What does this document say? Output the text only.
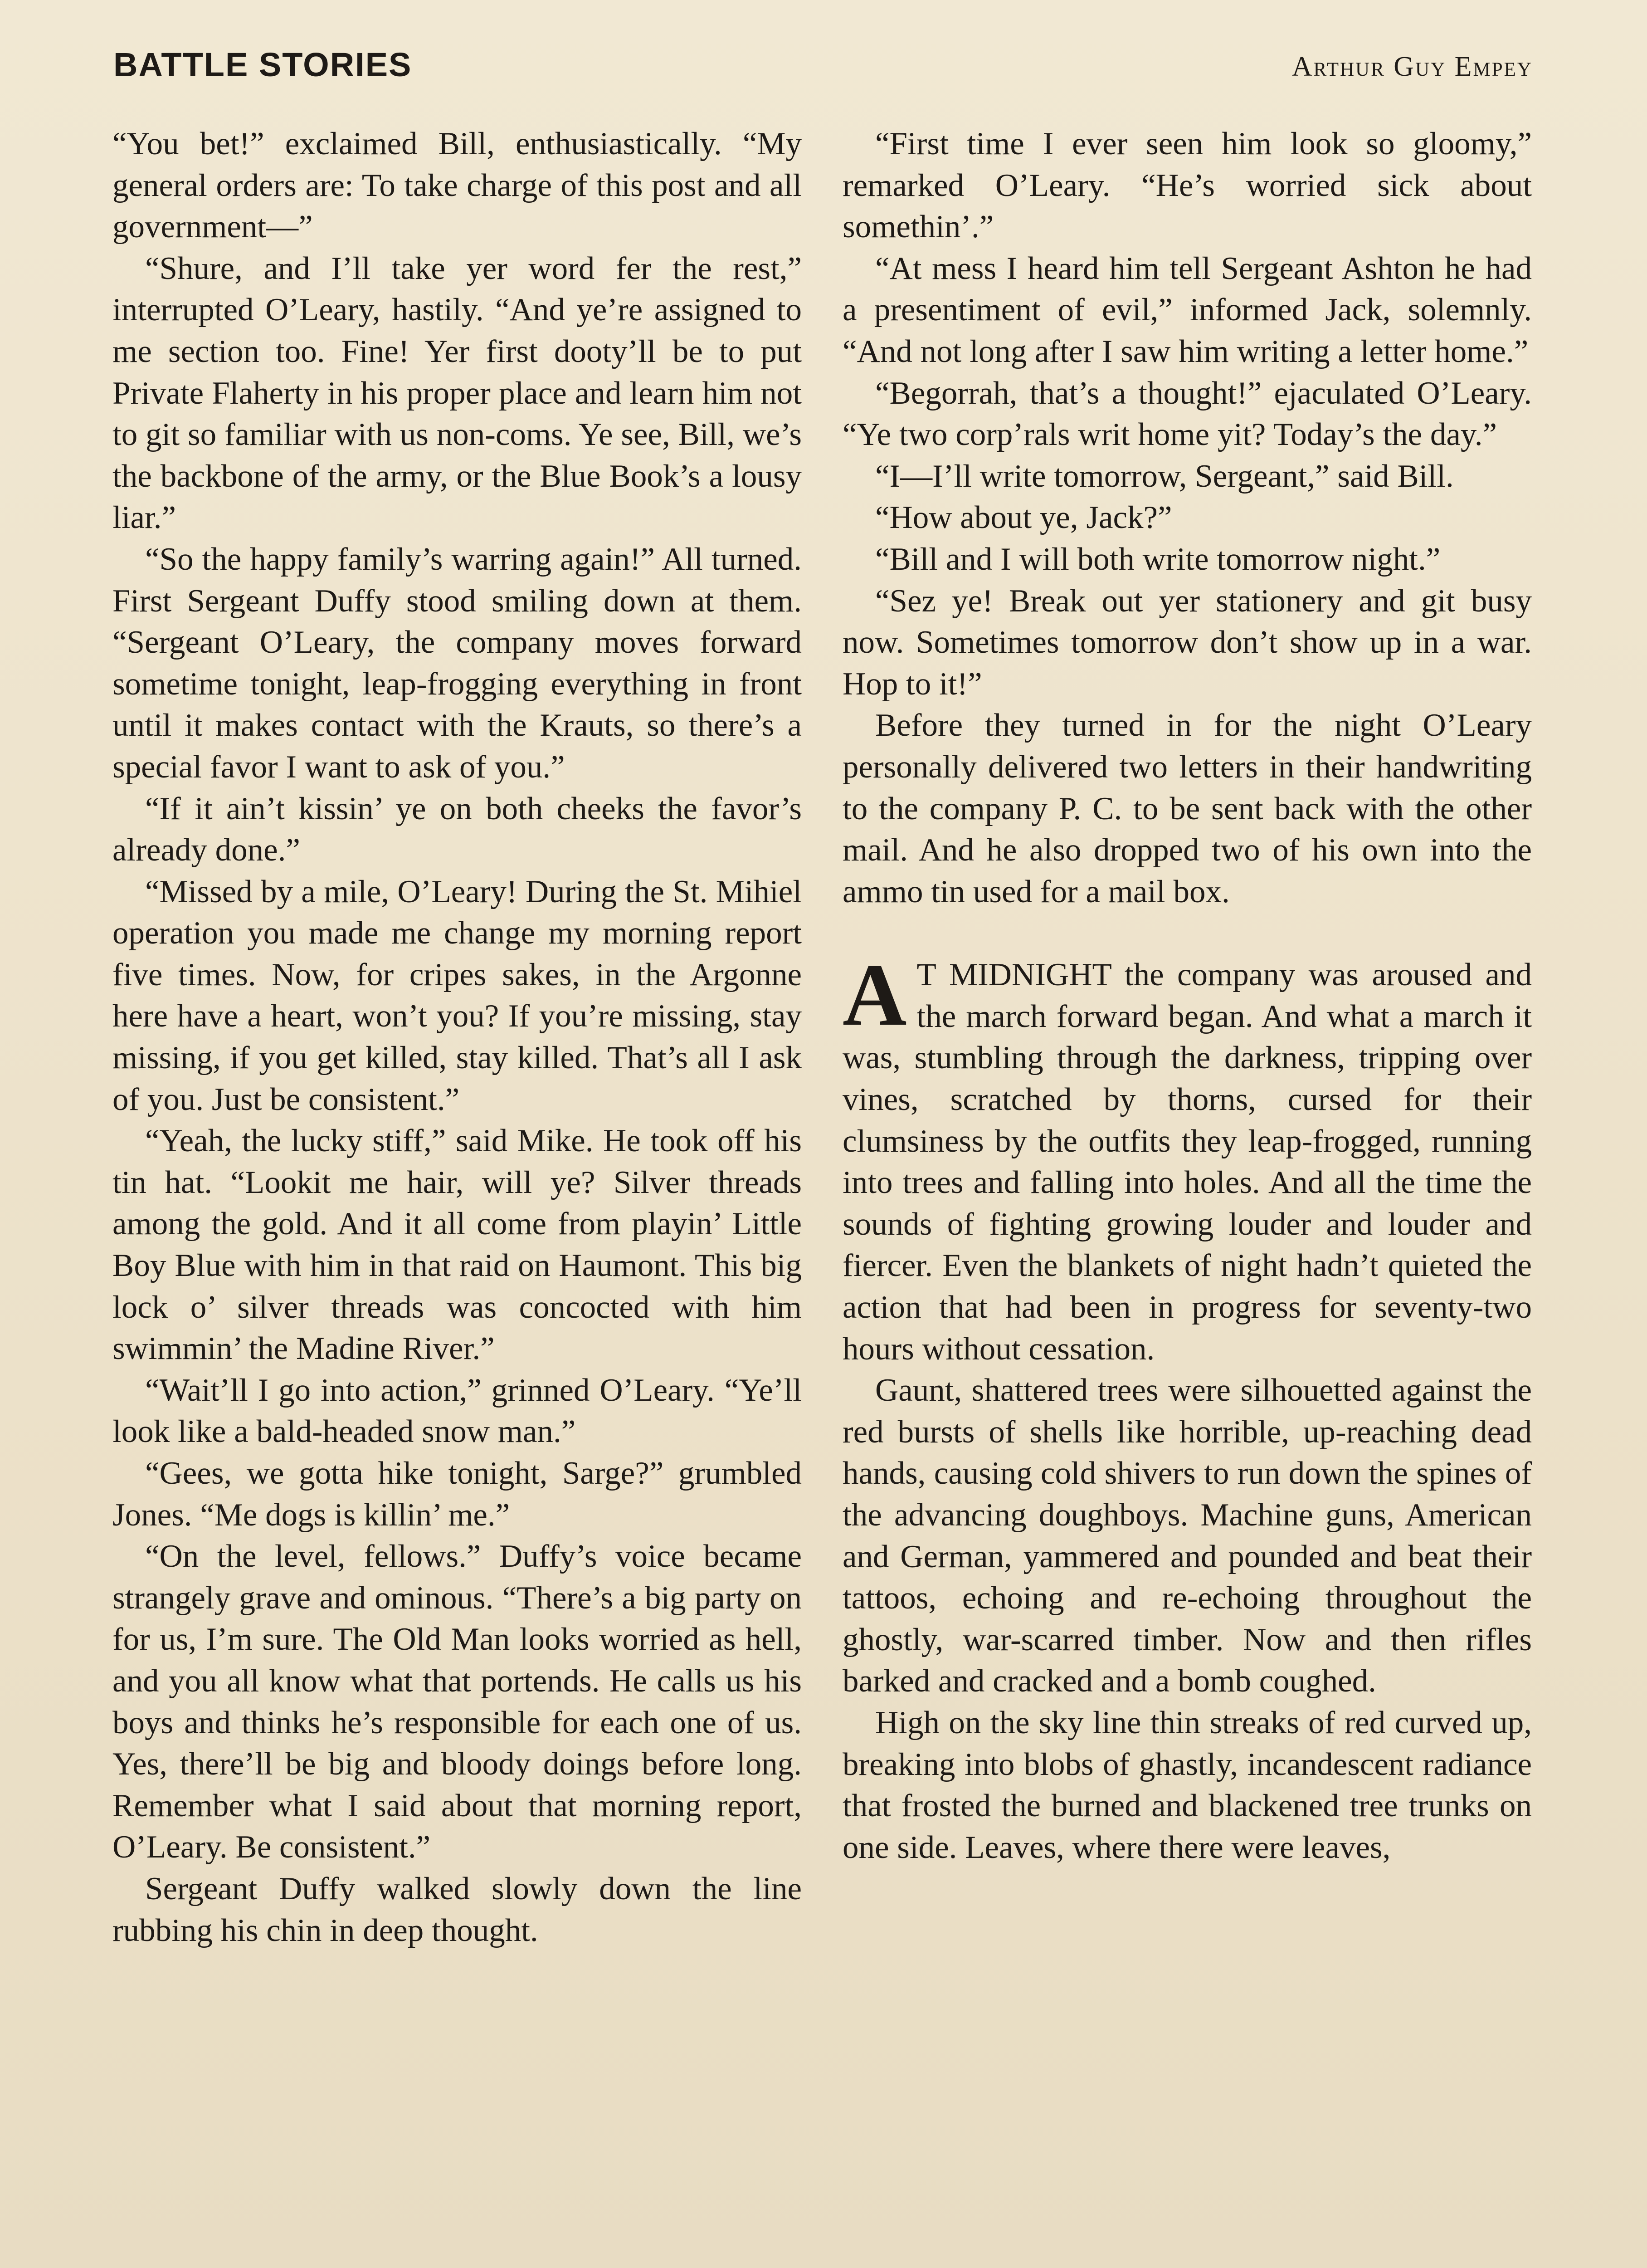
BATTLE STORIES	Arthur Guy Empey

“You bet!” exclaimed Bill, enthusiastically. “My general orders are: To take charge of this post and all government—”

“Shure, and I’ll take yer word fer the rest,” interrupted O’Leary, hastily. “And ye’re assigned to me section too. Fine! Yer first dooty’ll be to put Private Flaherty in his proper place and learn him not to git so familiar with us non-coms. Ye see, Bill, we’s the backbone of the army, or the Blue Book’s a lousy liar.”

“So the happy family’s warring again!” All turned. First Sergeant Duffy stood smiling down at them. “Sergeant O’Leary, the company moves forward sometime tonight, leap-frogging everything in front until it makes contact with the Krauts, so there’s a special favor I want to ask of you.”

“If it ain’t kissin’ ye on both cheeks the favor’s already done.”

“Missed by a mile, O’Leary! During the St. Mihiel operation you made me change my morning report five times. Now, for cripes sakes, in the Argonne here have a heart, won’t you? If you’re missing, stay missing, if you get killed, stay killed. That’s all I ask of you. Just be consistent.”

“Yeah, the lucky stiff,” said Mike. He took off his tin hat. “Lookit me hair, will ye? Silver threads among the gold. And it all come from playin’ Little Boy Blue with him in that raid on Haumont. This big lock o’ silver threads was concocted with him swimmin’ the Madine River.”

“Wait’ll I go into action,” grinned O’Leary. “Ye’ll look like a bald-headed snow man.”

“Gees, we gotta hike tonight, Sarge?” grumbled Jones. “Me dogs is killin’ me.”

“On the level, fellows.” Duffy’s voice became strangely grave and ominous. “There’s a big party on for us, I’m sure. The Old Man looks worried as hell, and you all know what that portends. He calls us his boys and thinks he’s responsible for each one of us. Yes, there’ll be big and bloody doings before long. Remember what I said about that morning report, O’Leary. Be consistent.”

Sergeant Duffy walked slowly down the line rubbing his chin in deep thought.

“First time I ever seen him look so gloomy,” remarked O’Leary. “He’s worried sick about somethin’.”

“At mess I heard him tell Sergeant Ashton he had a presentiment of evil,” informed Jack, solemnly. “And not long after I saw him writing a letter home.”

“Begorrah, that’s a thought!” ejaculated O’Leary. “Ye two corp’rals writ home yit? Today’s the day.”

“I—I’ll write tomorrow, Sergeant,” said Bill.

“How about ye, Jack?”

“Bill and I will both write tomorrow night.”

“Sez ye! Break out yer stationery and git busy now. Sometimes tomorrow don’t show up in a war. Hop to it!”

Before they turned in for the night O’Leary personally delivered two letters in their handwriting to the company P. C. to be sent back with the other mail. And he also dropped two of his own into the ammo tin used for a mail box.

A T MIDNIGHT the company was aroused and the march forward began. And what a march it was, stumbling through the darkness, tripping over vines, scratched by thorns, cursed for their clumsiness by the outfits they leap-frogged, running into trees and falling into holes. And all the time the sounds of fighting growing louder and louder and fiercer. Even the blankets of night hadn’t quieted the action that had been in progress for seventy-two hours without cessation.

Gaunt, shattered trees were silhouetted against the red bursts of shells like horrible, up-reaching dead hands, causing cold shivers to run down the spines of the advancing doughboys. Machine guns, American and German, yammered and pounded and beat their tattoos, echoing and re-echoing throughout the ghostly, war-scarred timber. Now and then rifles barked and cracked and a bomb coughed.

High on the sky line thin streaks of red curved up, breaking into blobs of ghastly, incandescent radiance that frosted the burned and blackened tree trunks on one side. Leaves, where there were leaves,
